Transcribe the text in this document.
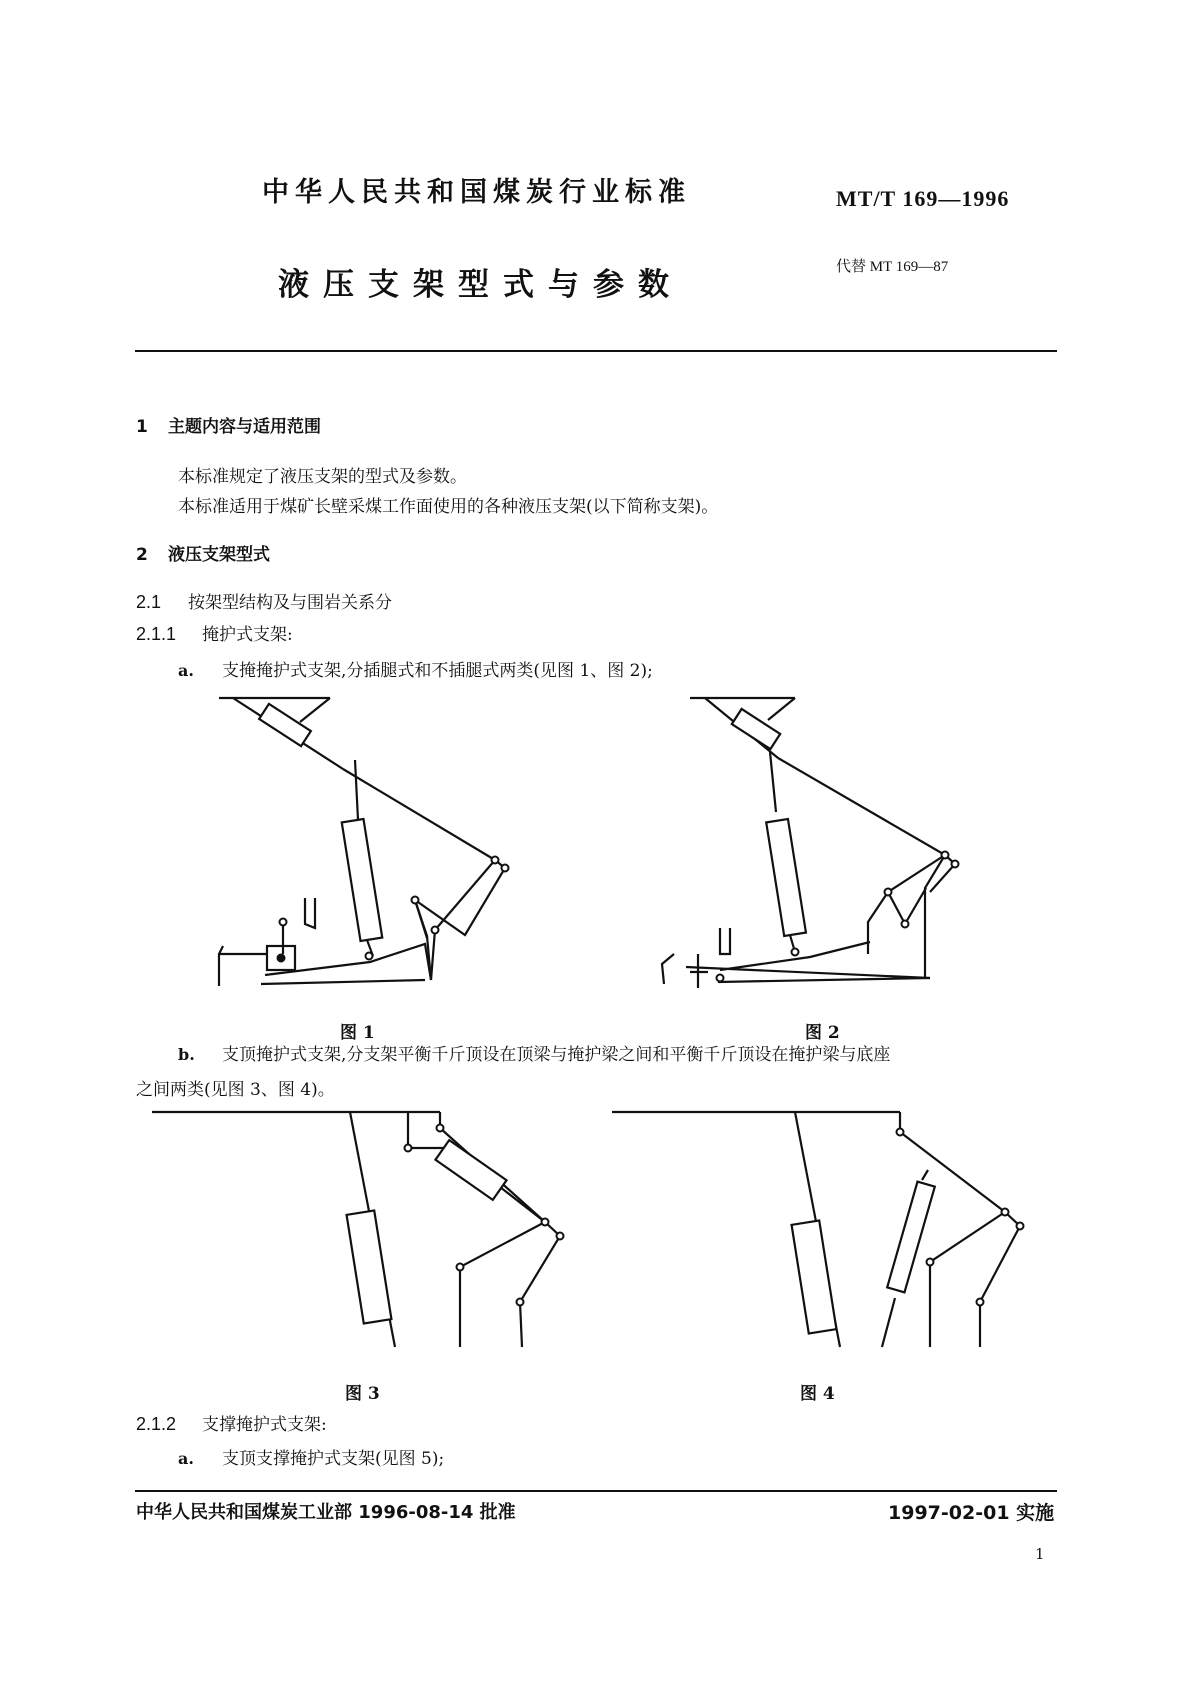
中华人民共和国煤炭行业标准	MT/T 169—1996
液压支架型式与参数	代替 MT 169—87
1 主题内容与适用范围
本标准规定了液压支架的型式及参数。
本标准适用于煤矿长壁采煤工作面使用的各种液压支架(以下简称支架)。
2 液压支架型式
2.1 按架型结构及与围岩关系分
2.1.1 掩护式支架:
a. 支掩掩护式支架,分插腿式和不插腿式两类(见图 1、图 2);
图 1	图 2
b. 支顶掩护式支架,分支架平衡千斤顶设在顶梁与掩护梁之间和平衡千斤顶设在掩护梁与底座
之间两类(见图 3、图 4)。
图 3	图 4
2.1.2 支撑掩护式支架:
a. 支顶支撑掩护式支架(见图 5);
中华人民共和国煤炭工业部 1996-08-14 批准	1997-02-01 实施
1
